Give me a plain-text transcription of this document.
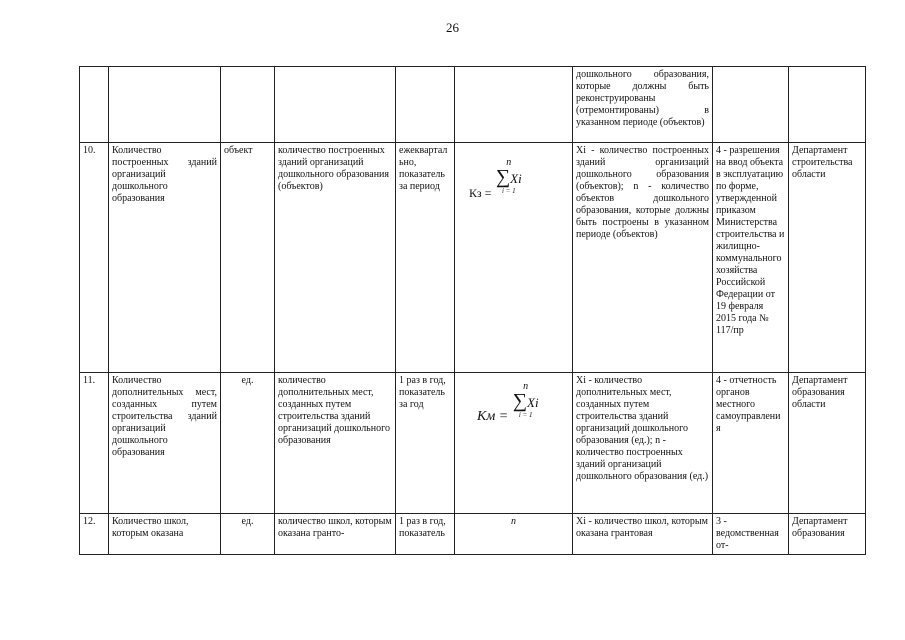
26
						дошкольного образования, которые должны быть реконструированы (отремонтированы) в указанном периоде (объектов)		
10.	Количество построенных зданий организаций дошкольного образования	объект	количество построенных зданий организаций дошкольного образования (объектов)	ежеквартально, показатель за период	Кз =
n
∑Xi
i = 1	Xi - количество построенных зданий организаций дошкольного образования (объектов); n - количество объектов дошкольного образования, которые должны быть построены в указанном периоде (объектов)	4 - разрешения на ввод объекта в эксплуатацию по форме, утвержденной приказом Министерства строительства и жилищно-коммунального хозяйства Российской Федерации от 19 февраля 2015 года № 117/пр	Департамент строительства области
11.	Количество дополнительных мест, созданных путем строительства зданий организаций дошкольного образования	ед.	количество дополнительных мест, созданных путем строительства зданий организаций дошкольного образования	1 раз в год, показатель за год	Kм =
n
∑Xi
i = 1	Xi - количество дополнительных мест, созданных путем строительства зданий организаций дошкольного образования (ед.); n - количество построенных зданий организаций дошкольного образования (ед.)	4 - отчетность органов местного самоуправления	Департамент образования области
12.	Количество школ, которым оказана	ед.	количество школ, которым оказана гранто-	1 раз в год, показатель	n	Xi - количество школ, которым оказана грантовая	3 - ведомственная от-	Департамент образования
